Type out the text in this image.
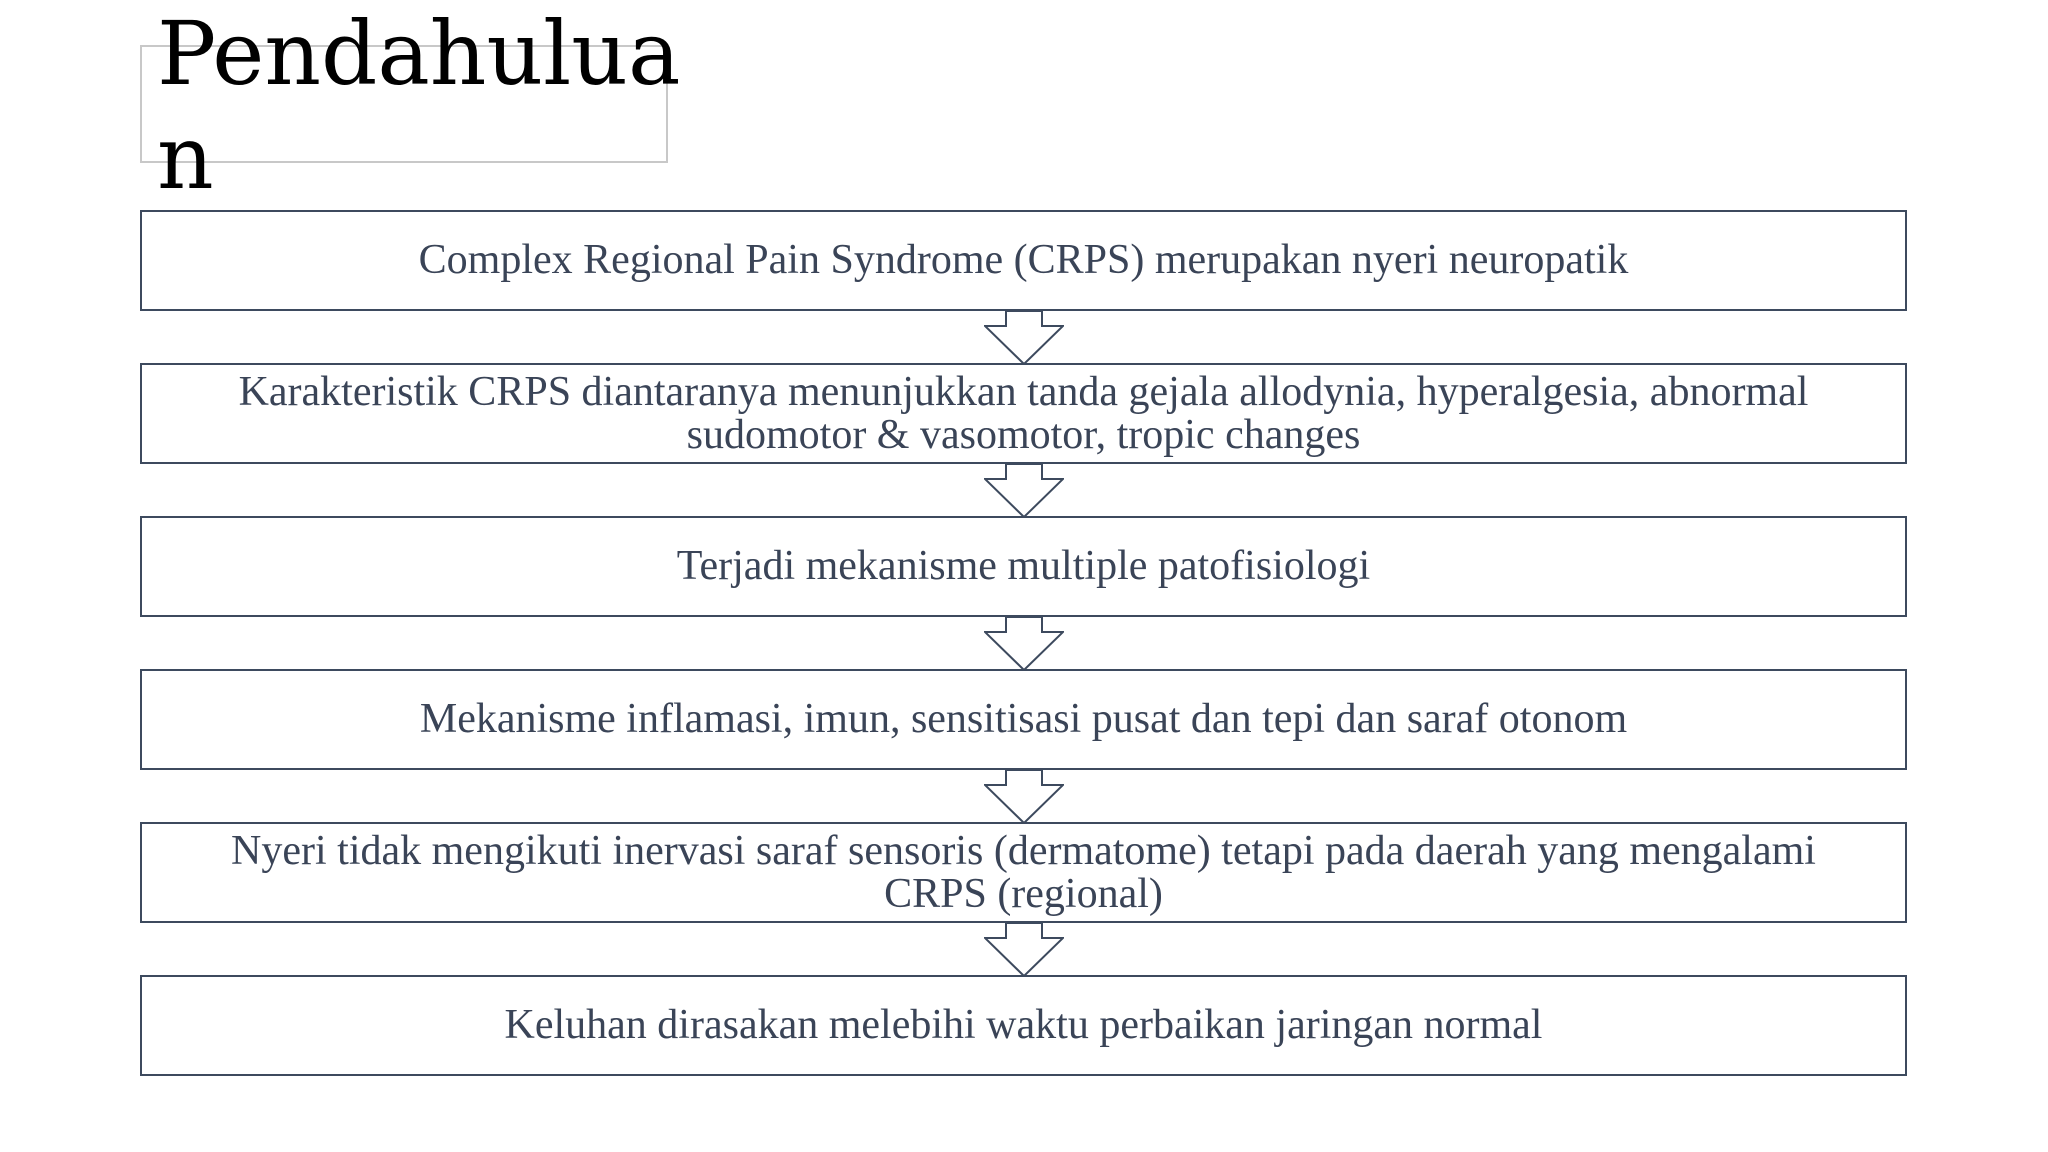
Pendahuluan
Complex Regional Pain Syndrome (CRPS) merupakan nyeri neuropatik
Karakteristik CRPS diantaranya menunjukkan tanda gejala allodynia, hyperalgesia, abnormal sudomotor & vasomotor, tropic changes
Terjadi mekanisme multiple patofisiologi
Mekanisme inflamasi, imun, sensitisasi pusat dan tepi dan saraf otonom
Nyeri tidak mengikuti inervasi saraf sensoris (dermatome) tetapi pada daerah yang mengalami CRPS (regional)
Keluhan dirasakan melebihi waktu perbaikan jaringan normal
